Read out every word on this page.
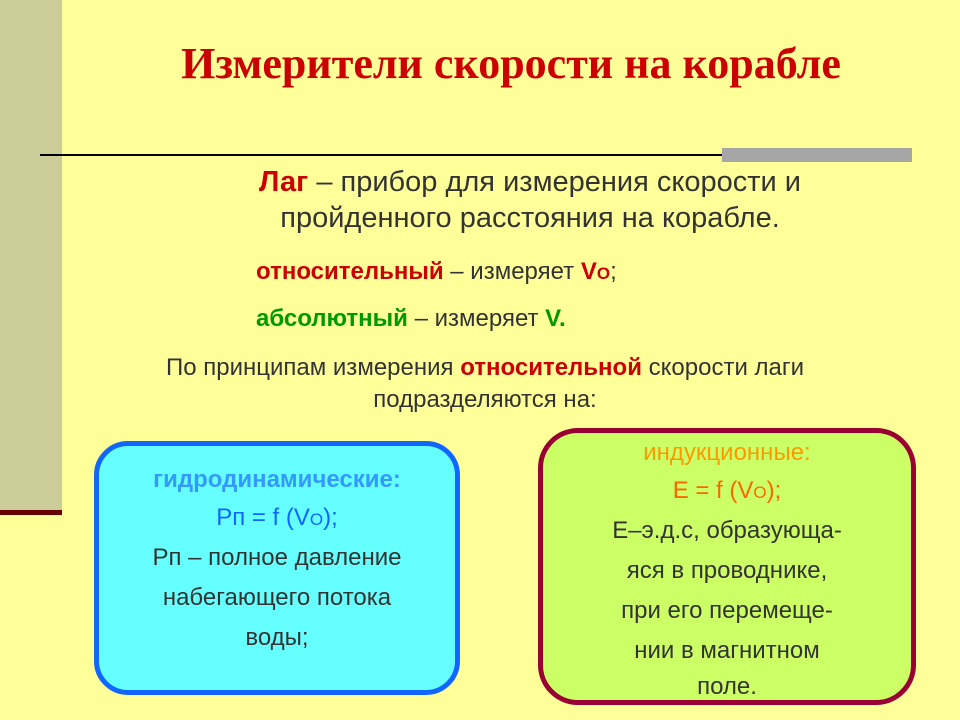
Измерители скорости на корабле
Лаг – прибор для измерения скорости и
пройденного расстояния на корабле.
относительный – измеряет VО;
абсолютный – измеряет V.
По принципам измерения относительной скорости лаги
подразделяются на:
гидродинамические:
Рп = f (VО);
Рп – полное давление
набегающего потока
воды;
индукционные:
Е = f (VО);
Е–э.д.с, образующа-
яся в проводнике,
при его перемеще-
нии в магнитном
поле.
